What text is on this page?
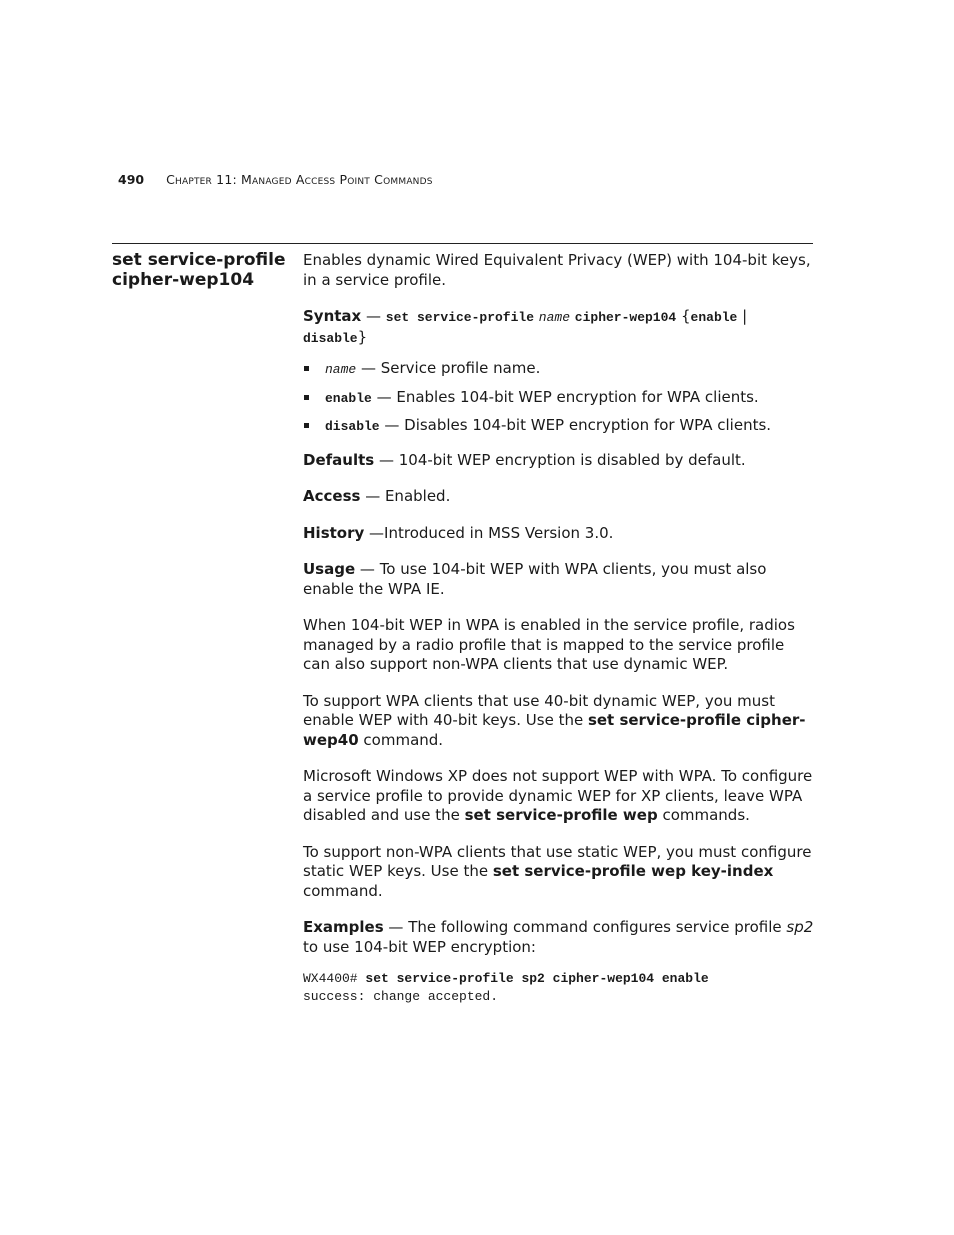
490 Chapter 11: Managed Access Point Commands
set service-profile
cipher-wep104

Enables dynamic Wired Equivalent Privacy (WEP) with 104-bit keys, in a service profile.

Syntax — set service-profile name cipher-wep104 {enable | disable}

name — Service profile name.
enable — Enables 104-bit WEP encryption for WPA clients.
disable — Disables 104-bit WEP encryption for WPA clients.

Defaults — 104-bit WEP encryption is disabled by default.

Access — Enabled.

History —Introduced in MSS Version 3.0.

Usage — To use 104-bit WEP with WPA clients, you must also enable the WPA IE.

When 104-bit WEP in WPA is enabled in the service profile, radios managed by a radio profile that is mapped to the service profile can also support non-WPA clients that use dynamic WEP.

To support WPA clients that use 40-bit dynamic WEP, you must enable WEP with 40-bit keys. Use the set service-profile cipher-wep40 command.

Microsoft Windows XP does not support WEP with WPA. To configure a service profile to provide dynamic WEP for XP clients, leave WPA disabled and use the set service-profile wep commands.

To support non-WPA clients that use static WEP, you must configure static WEP keys. Use the set service-profile wep key-index command.

Examples — The following command configures service profile sp2 to use 104-bit WEP encryption:

WX4400# set service-profile sp2 cipher-wep104 enable
success: change accepted.
